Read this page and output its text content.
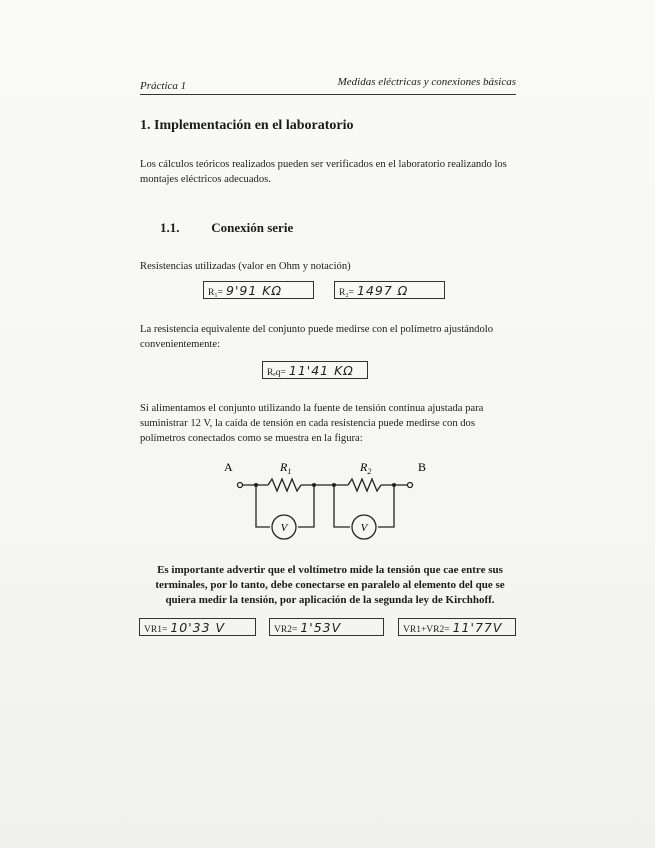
Práctica 1	Medidas eléctricas y conexiones básicas
1. Implementación en el laboratorio
Los cálculos teóricos realizados pueden ser verificados en el laboratorio realizando los montajes eléctricos adecuados.
1.1. Conexión serie
Resistencias utilizadas (valor en Ohm y notación)
R₁= 9'91 KΩ	R₂= 1497 Ω
La resistencia equivalente del conjunto puede medirse con el polímetro ajustándolo convenientemente:
Rₑq= 11'41 KΩ
Si alimentamos el conjunto utilizando la fuente de tensión continua ajustada para suministrar 12 V, la caída de tensión en cada resistencia puede medirse con dos polímetros conectados como se muestra en la figura:
A	B
$R_1$	$R_2$
V	V
Es importante advertir que el voltímetro mide la tensión que cae entre sus terminales, por lo tanto, debe conectarse en paralelo al elemento del que se quiera medir la tensión, por aplicación de la segunda ley de Kirchhoff.
VR1= 10'33 V	VR2= 1'53V	VR1+VR2= 11'77V
